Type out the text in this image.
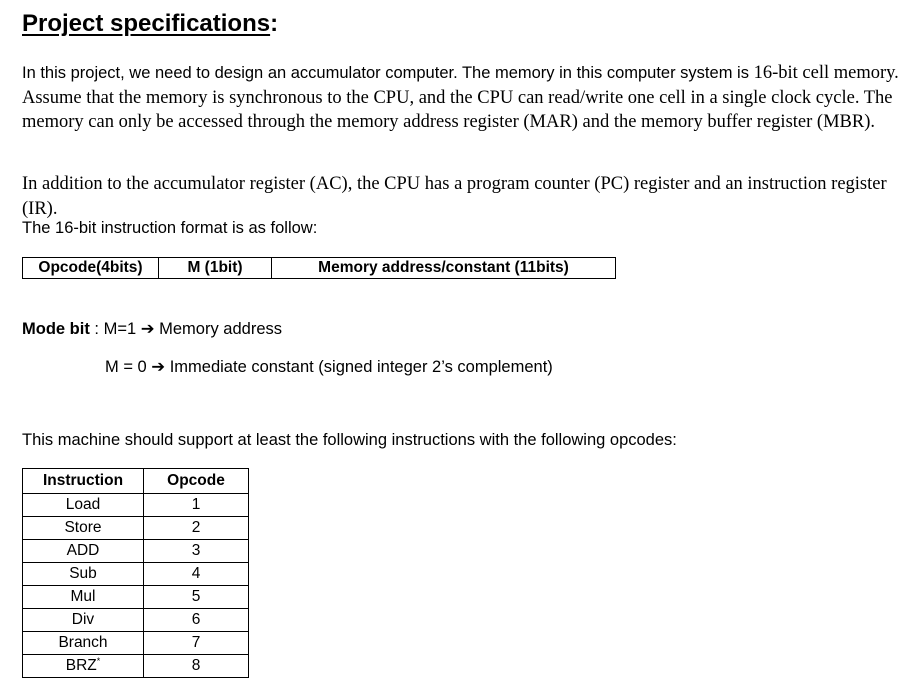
Project specifications:
In this project, we need to design an accumulator computer. The memory in this computer system is 16-bit cell memory. Assume that the memory is synchronous to the CPU, and the CPU can read/write one cell in a single clock cycle. The memory can only be accessed through the memory address register (MAR) and the memory buffer register (MBR).
In addition to the accumulator register (AC), the CPU has a program counter (PC) register and an instruction register (IR).
The 16-bit instruction format is as follow:
Opcode(4bits)	M (1bit)	Memory address/constant (11bits)
Mode bit : M=1 ➔ Memory address
M = 0 ➔ Immediate constant (signed integer 2’s complement)
This machine should support at least the following instructions with the following opcodes:
Instruction	Opcode
Load	1
Store	2
ADD	3
Sub	4
Mul	5
Div	6
Branch	7
BRZ*	8
